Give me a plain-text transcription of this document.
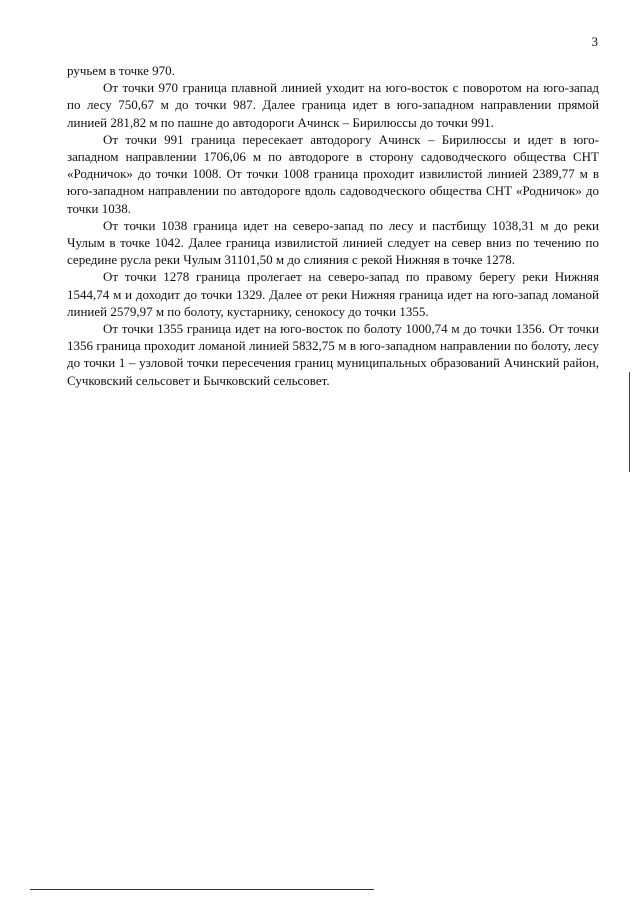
3

ручьем в точке 970.

От точки 970 граница плавной линией уходит на юго-восток с поворотом на юго-запад по лесу 750,67 м до точки 987. Далее граница идет в юго-западном направлении прямой линией 281,82 м по пашне до автодороги Ачинск – Бирилюссы до точки 991.

От точки 991 граница пересекает автодорогу Ачинск – Бирилюссы и идет в юго-западном направлении 1706,06 м по автодороге в сторону садоводческого общества СНТ «Родничок» до точки 1008. От точки 1008 граница проходит извилистой линией 2389,77 м в юго-западном направлении по автодороге вдоль садоводческого общества СНТ «Родничок» до точки 1038.

От точки 1038 граница идет на северо-запад по лесу и пастбищу 1038,31 м до реки Чулым в точке 1042. Далее граница извилистой линией следует на север вниз по течению по середине русла реки Чулым 31101,50 м до слияния с рекой Нижняя в точке 1278.

От точки 1278 граница пролегает на северо-запад по правому берегу реки Нижняя 1544,74 м и доходит до точки 1329. Далее от реки Нижняя граница идет на юго-запад ломаной линией 2579,97 м по болоту, кустарнику, сенокосу до точки 1355.

От точки 1355 граница идет на юго-восток по болоту 1000,74 м до точки 1356. От точки 1356 граница проходит ломаной линией 5832,75 м в юго-западном направлении по болоту, лесу до точки 1 – узловой точки пересечения границ муниципальных образований Ачинский район, Сучковский сельсовет и Бычковский сельсовет.
